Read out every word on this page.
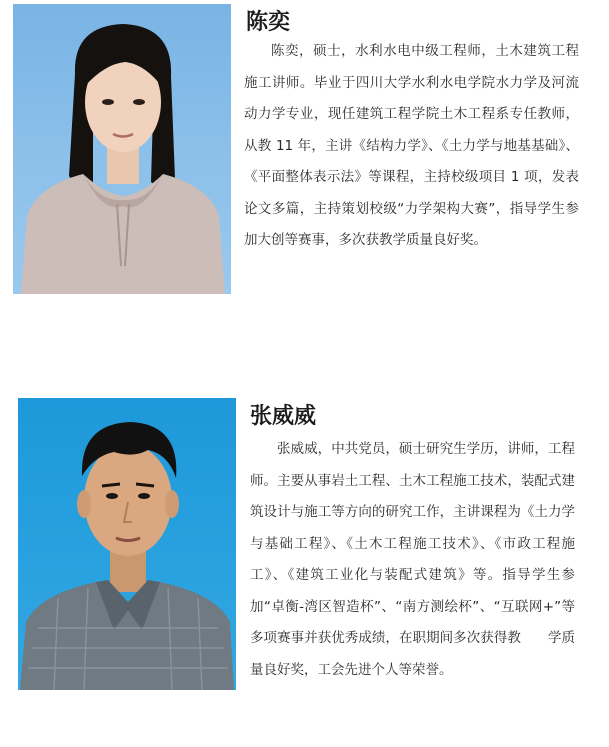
陈奕

陈奕，硕士，水利水电中级工程师，土木建筑工程施工讲师。毕业于四川大学水利水电学院水力学及河流动力学专业，现任建筑工程学院土木工程系专任教师，从教 11 年，主讲《结构力学》、《土力学与地基基础》、《平面整体表示法》等课程，主持校级项目 1 项，发表论文多篇，主持策划校级“力学架构大赛”，指导学生参加大创等赛事，多次获教学质量良好奖。

张威威

张威威，中共党员，硕士研究生学历，讲师，工程师。主要从事岩土工程、土木工程施工技术，装配式建筑设计与施工等方向的研究工作，主讲课程为《土力学与基础工程》、《土木工程施工技术》、《市政工程施工》、《建筑工业化与装配式建筑》等。指导学生参加“卓衡-湾区智造杯”、“南方测绘杯”、“互联网+”等多项赛事并获优秀成绩，在职期间多次获得教　　学质量良好奖，工会先进个人等荣誉。
